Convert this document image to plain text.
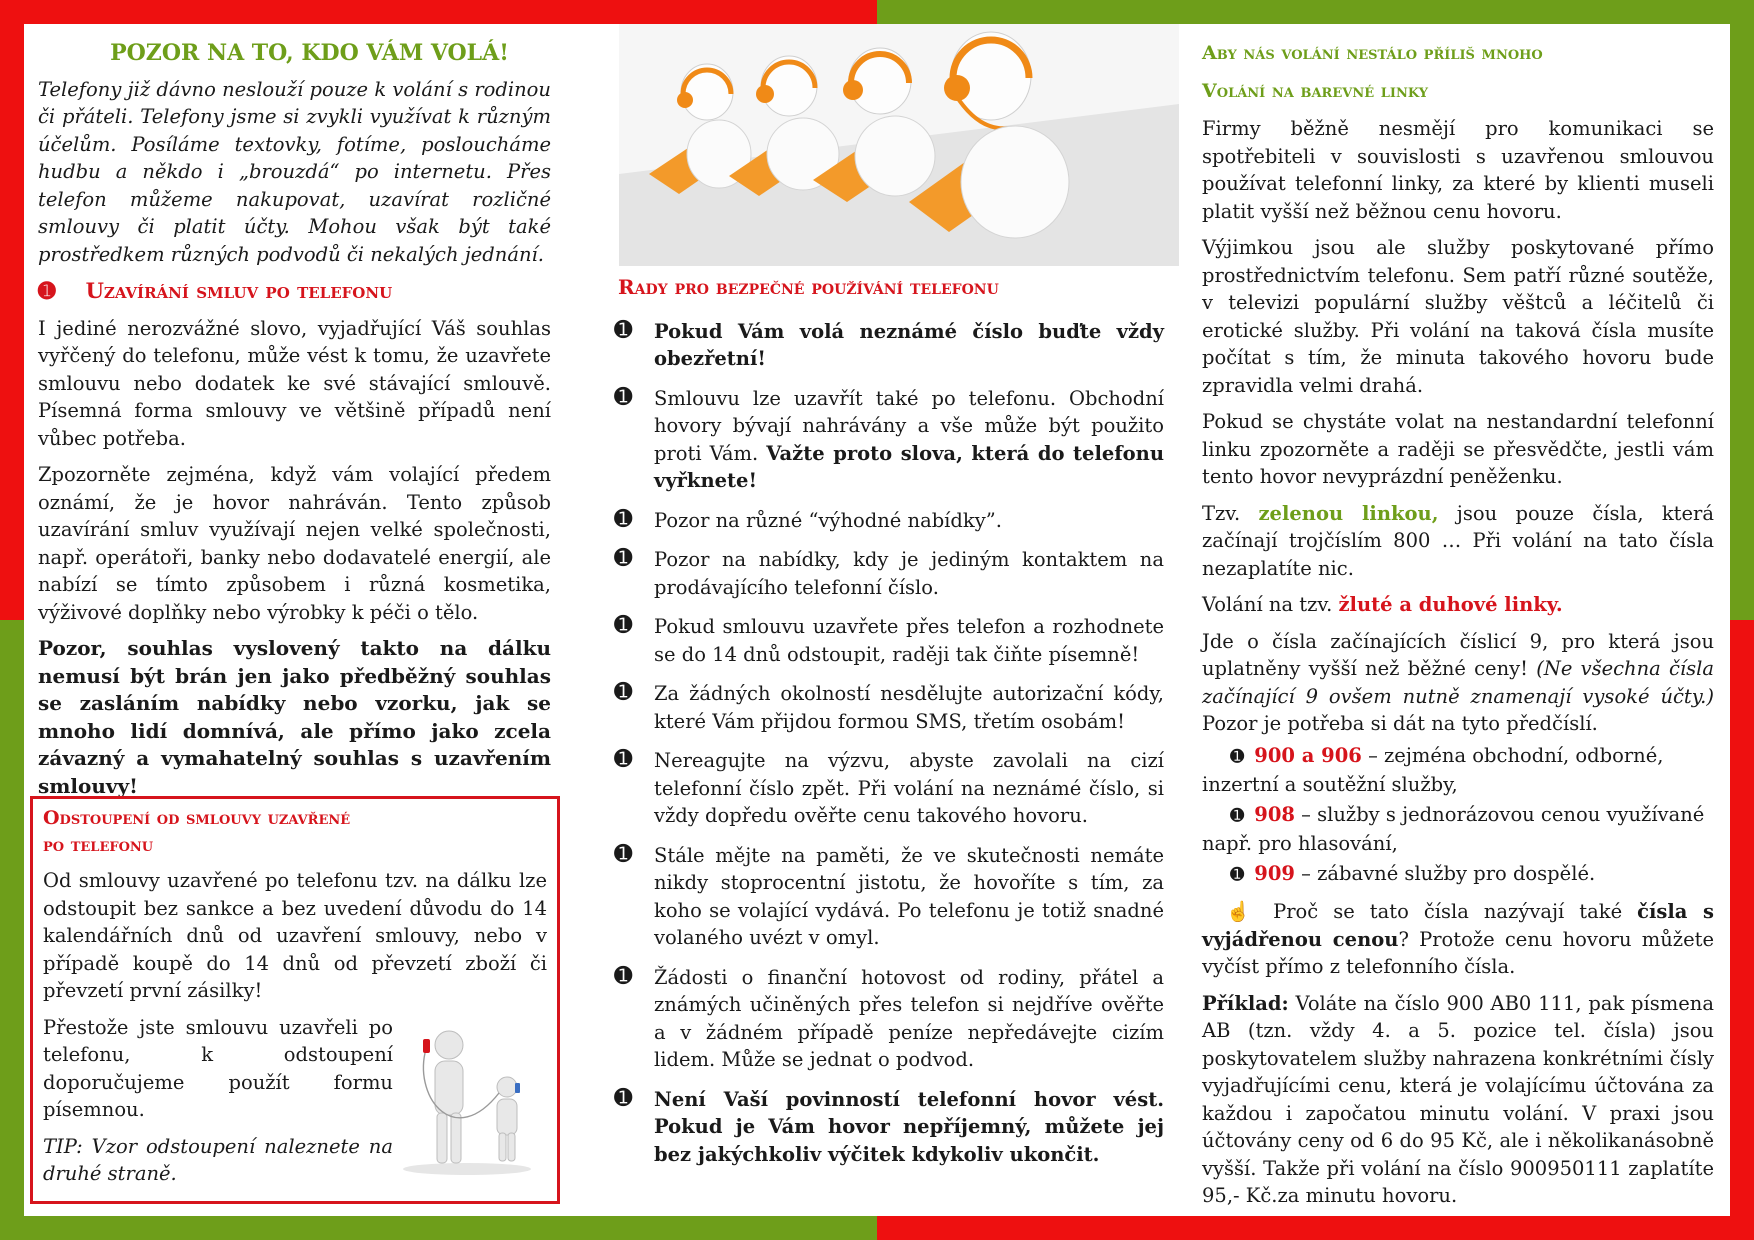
POZOR NA TO, KDO VÁM VOLÁ!

Telefony již dávno neslouží pouze k volání s rodinou či přáteli. Telefony jsme si zvykli využívat k různým účelům. Posíláme textovky, fotíme, posloucháme hudbu a někdo i „brouzdá“ po internetu. Přes telefon můžeme nakupovat, uzavírat rozličné smlouvy či platit účty. Mohou však být také prostředkem různých podvodů či nekalých jednání.

➊ Uzavírání smluv po telefonu

I jediné nerozvážné slovo, vyjadřující Váš souhlas vyřčený do telefonu, může vést k tomu, že uzavřete smlouvu nebo dodatek ke své stávající smlouvě. Písemná forma smlouvy ve většině případů není vůbec potřeba.

Zpozorněte zejména, když vám volající předem oznámí, že je hovor nahráván. Tento způsob uzavírání smluv využívají nejen velké společnosti, např. operátoři, banky nebo dodavatelé energií, ale nabízí se tímto způsobem i různá kosmetika, výživové doplňky nebo výrobky k péči o tělo.

Pozor, souhlas vyslovený takto na dálku nemusí být brán jen jako předběžný souhlas se zasláním nabídky nebo vzorku, jak se mnoho lidí domnívá, ale přímo jako zcela závazný a vymahatelný souhlas s uzavřením smlouvy!

Odstoupení od smlouvy uzavřené
po telefonu

Od smlouvy uzavřené po telefonu tzv. na dálku lze odstoupit bez sankce a bez uvedení důvodu do 14 kalendářních dnů od uzavření smlouvy, nebo v případě koupě do 14 dnů od převzetí zboží či převzetí první zásilky!

Přestože jste smlouvu uzavřeli po telefonu, k odstoupení doporučujeme použít formu písemnou.

TIP: Vzor odstoupení naleznete na druhé straně.

Rady pro bezpečné používání telefonu
➊ Pokud Vám volá neznámé číslo buďte vždy obezřetní!
➊ Smlouvu lze uzavřít také po telefonu. Obchodní hovory bývají nahrávány a vše může být použito proti Vám. Važte proto slova, která do telefonu vyřknete!
➊ Pozor na různé “výhodné nabídky”.
➊ Pozor na nabídky, kdy je jediným kontaktem na prodávajícího telefonní číslo.
➊ Pokud smlouvu uzavřete přes telefon a rozhodnete se do 14 dnů odstoupit, raději tak čiňte písemně!
➊ Za žádných okolností nesdělujte autorizační kódy, které Vám přijdou formou SMS, třetím osobám!
➊ Nereagujte na výzvu, abyste zavolali na cizí telefonní číslo zpět. Při volání na neznámé číslo, si vždy dopředu ověřte cenu takového hovoru.
➊ Stále mějte na paměti, že ve skutečnosti nemáte nikdy stoprocentní jistotu, že hovoříte s tím, za koho se volající vydává. Po telefonu je totiž snadné volaného uvézt v omyl.
➊ Žádosti o finanční hotovost od rodiny, přátel a známých učiněných přes telefon si nejdříve ověřte a v žádném případě peníze nepředávejte cizím lidem. Může se jednat o podvod.
➊ Není Vaší povinností telefonní hovor vést. Pokud je Vám hovor nepříjemný, můžete jej bez jakýchkoliv výčitek kdykoliv ukončit.
Aby nás volání nestálo příliš mnoho
Volání na barevné linky

Firmy běžně nesmějí pro komunikaci se spotřebiteli v souvislosti s uzavřenou smlouvou používat telefonní linky, za které by klienti museli platit vyšší než běžnou cenu hovoru.

Výjimkou jsou ale služby poskytované přímo prostřednictvím telefonu. Sem patří různé soutěže, v televizi populární služby věštců a léčitelů či erotické služby. Při volání na taková čísla musíte počítat s tím, že minuta takového hovoru bude zpravidla velmi drahá.

Pokud se chystáte volat na nestandardní telefonní linku zpozorněte a raději se přesvědčte, jestli vám tento hovor nevyprázdní peněženku.

Tzv. zelenou linkou, jsou pouze čísla, která začínají trojčíslím 800 … Při volání na tato čísla nezaplatíte nic.

Volání na tzv. žluté a duhové linky.

Jde o čísla začínajících číslicí 9, pro která jsou uplatněny vyšší než běžné ceny! (Ne všechna čísla začínající 9 ovšem nutně znamenají vysoké účty.) Pozor je potřeba si dát na tyto předčíslí.

➊ 900 a 906 – zejména obchodní, odborné, inzertní a soutěžní služby,
➊ 908 – služby s jednorázovou cenou využívané např. pro hlasování,
➊ 909 – zábavné služby pro dospělé.

☝ Proč se tato čísla nazývají také čísla s vyjádřenou cenou? Protože cenu hovoru můžete vyčíst přímo z telefonního čísla.

Příklad: Voláte na číslo 900 AB0 111, pak písmena AB (tzn. vždy 4. a 5. pozice tel. čísla) jsou poskytovatelem služby nahrazena konkrétními čísly vyjadřujícími cenu, která je volajícímu účtována za každou i započatou minutu volání. V praxi jsou účtovány ceny od 6 do 95 Kč, ale i několikanásobně vyšší. Takže při volání na číslo 900950111 zaplatíte 95,- Kč.za minutu hovoru.
